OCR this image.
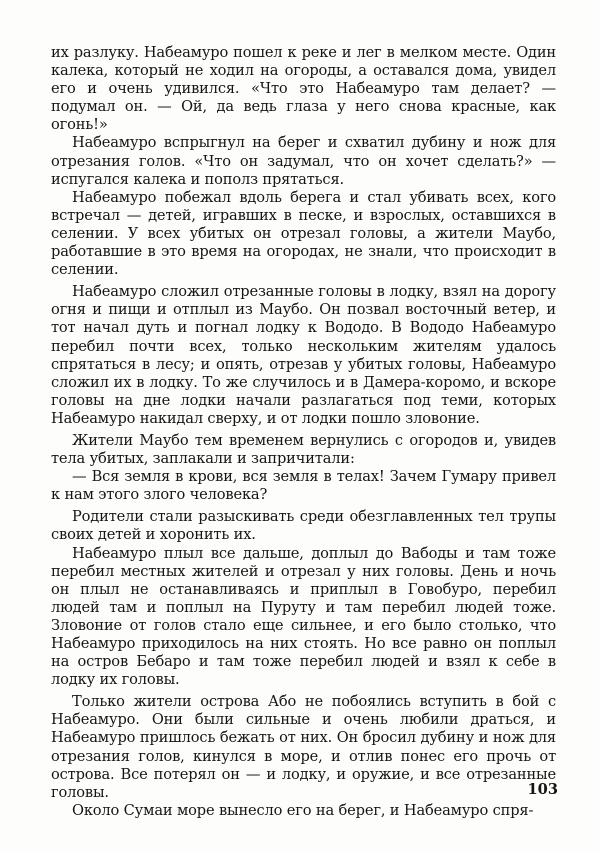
их разлуку. Набеамуро пошел к реке и лег в мелком месте. Один калека, который не ходил на огороды, а оставался дома, увидел его и очень удивился. «Что это Набеамуро там делает? — подумал он. — Ой, да ведь глаза у него снова красные, как огонь!»

Набеамуро вспрыгнул на берег и схватил дубину и нож для отрезания голов. «Что он задумал, что он хочет сделать?» — испугался калека и пополз прятаться.

Набеамуро побежал вдоль берега и стал убивать всех, кого встречал — детей, игравших в песке, и взрослых, оставшихся в селении. У всех убитых он отрезал головы, а жители Маубо, работавшие в это время на огородах, не знали, что происходит в селении.

Набеамуро сложил отрезанные головы в лодку, взял на дорогу огня и пищи и отплыл из Маубо. Он позвал восточный ветер, и тот начал дуть и погнал лодку к Вододо. В Вододо Набеамуро перебил почти всех, только нескольким жителям удалось спрятаться в лесу; и опять, отрезав у убитых головы, Набеамуро сложил их в лодку. То же случилось и в Дамера-коромо, и вскоре головы на дне лодки начали разлагаться под теми, которых Набеамуро накидал сверху, и от лодки пошло зловоние.

Жители Маубо тем временем вернулись с огородов и, увидев тела убитых, заплакали и запричитали:

— Вся земля в крови, вся земля в телах! Зачем Гумару привел к нам этого злого человека?

Родители стали разыскивать среди обезглавленных тел трупы своих детей и хоронить их.

Набеамуро плыл все дальше, доплыл до Вабоды и там тоже перебил местных жителей и отрезал у них головы. День и ночь он плыл не останавливаясь и приплыл в Говобуро, перебил людей там и поплыл на Пуруту и там перебил людей тоже. Зловоние от голов стало еще сильнее, и его было столько, что Набеамуро приходилось на них стоять. Но все равно он поплыл на остров Бебаро и там тоже перебил людей и взял к себе в лодку их головы.

Только жители острова Або не побоялись вступить в бой с Набеамуро. Они были сильные и очень любили драться, и Набеамуро пришлось бежать от них. Он бросил дубину и нож для отрезания голов, кинулся в море, и отлив понес его прочь от острова. Все потерял он — и лодку, и оружие, и все отрезанные головы.

Около Сумаи море вынесло его на берег, и Набеамуро спря-

103
